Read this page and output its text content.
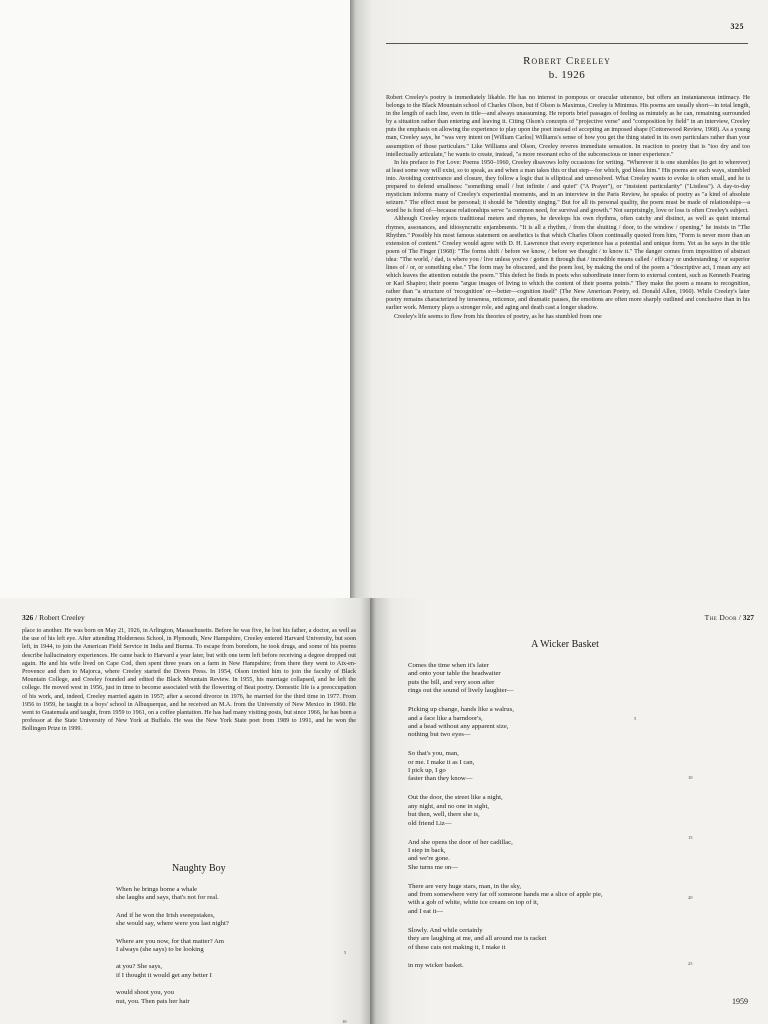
325
Robert Creeley
b. 1926

Robert Creeley's poetry is immediately likable. He has no interest in pompous or oracular utterance, but offers an instantaneous intimacy. He belongs to the Black Mountain school of Charles Olson, but if Olson is Maximus, Creeley is Minimus. His poems are usually short—in total length, in the length of each line, even in title—and always unassuming. He reports brief passages of feeling as minutely as he can, remaining surrounded by a situation rather than entering and leaving it. Citing Olson's concepts of "projective verse" and "composition by field" in an interview, Creeley puts the emphasis on allowing the experience to play upon the poet instead of accepting an imposed shape (Cottonwood Review, 1968). As a young man, Creeley says, he "was very intent on [William Carlos] Williams's sense of how you get the thing stated in its own particulars rather than your assumption of those particulars." Like Williams and Olson, Creeley reveres immediate sensation. In reaction to poetry that is "too dry and too intellectually articulate," he wants to create, instead, "a more resonant echo of the subconscious or inner experience."

In his preface to For Love: Poems 1950–1960, Creeley disavows lofty occasions for writing. "Wherever it is one stumbles (to get to wherever) at least some way will exist, so to speak, as and when a man takes this or that step—for which, god bless him." His poems are such ways, stumbled into. Avoiding contrivance and closure, they follow a logic that is elliptical and unresolved. What Creeley wants to evoke is often small, and he is prepared to defend smallness: "something small / but infinite / and quiet" ("A Prayer"), or "insistent particularity" ("Listless"). A day-to-day mysticism informs many of Creeley's experiential moments, and in an interview in the Paris Review, he speaks of poetry as "a kind of absolute seizure." The effect must be personal; it should be "identity singing." But for all its personal quality, the poem must be made of relationships—a word he is fond of—because relationships serve "a common need, for survival and growth." Not surprisingly, love or loss is often Creeley's subject.

Although Creeley rejects traditional meters and rhymes, he develops his own rhythms, often catchy and distinct, as well as quiet internal rhymes, assonances, and idiosyncratic enjambments. "It is all a rhythm, / from the shutting / door, to the window / opening," he insists in "The Rhythm." Possibly his most famous statement on aesthetics is that which Charles Olson continually quoted from him, "Form is never more than an extension of content." Creeley would agree with D. H. Lawrence that every experience has a potential and unique form. Yet as he says in the title poem of The Finger (1968): "The forms shift / before we know, / before we thought / to know it." The danger comes from imposition of abstract idea: "The world, / dad, is where you / live unless you've / gotten it through that / incredible means called / efficacy or understanding / or superior lines of / or, or something else." The form may be obscured, and the poem lost, by making the end of the poem a "descriptive act, I mean any act which leaves the attention outside the poem." This defect he finds in poets who subordinate inner form to external content, such as Kenneth Fearing or Karl Shapiro; their poems "argue images of living to which the content of their poems points." They make the poem a means to recognition, rather than "a structure of 'recognition' or—better—cognition itself" (The New American Poetry, ed. Donald Allen, 1960). While Creeley's later poetry remains characterized by terseness, reticence, and dramatic pauses, the emotions are often more sharply outlined and conclusive than in his earlier work. Memory plays a stronger role, and aging and death cast a longer shadow.

Creeley's life seems to flow from his theories of poetry, as he has stumbled from one

326 / Robert Creeley
place to another. He was born on May 21, 1926, in Arlington, Massachusetts. Before he was five, he lost his father, a doctor, as well as the use of his left eye. After attending Holderness School, in Plymouth, New Hampshire, Creeley entered Harvard University, but soon left, in 1944, to join the American Field Service in India and Burma. To escape from boredom, he took drugs, and some of his poems describe hallucinatory experiences. He came back to Harvard a year later, but with one term left before receiving a degree dropped out again. He and his wife lived on Cape Cod, then spent three years on a farm in New Hampshire; from there they went to Aix-en-Provence and then to Majorca, where Creeley started the Divers Press. In 1954, Olson invited him to join the faculty of Black Mountain College, and Creeley founded and edited the Black Mountain Review. In 1955, his marriage collapsed, and he left the college. He moved west in 1956, just in time to become associated with the flowering of Beat poetry. Domestic life is a preoccupation of his work, and, indeed, Creeley married again in 1957; after a second divorce in 1976, he married for the third time in 1977. From 1956 to 1959, he taught in a boys' school in Albuquerque, and he received an M.A. from the University of New Mexico in 1960. He went to Guatemala and taught, from 1959 to 1961, on a coffee plantation. He has had many visiting posts, but since 1966, he has been a professor at the State University of New York at Buffalo. He was the New York State poet from 1989 to 1991, and he won the Bollingen Prize in 1999.
Naughty Boy
When he brings home a whale
she laughs and says, that's not for real.
And if he won the Irish sweepstakes,
she would say, where were you last night?
Where are you now, for that matter? Am
I always (she says) to be looking
at you? She says,
if I thought it would get any better I
would shoot you, you
nut, you. Then pats her hair
5
10
The Door / 327
A Wicker Basket
Comes the time when it's later
and onto your table the headwaiter
puts the bill, and very soon after
rings out the sound of lively laughter—
Picking up change, hands like a walrus,
and a face like a barndoor's,
and a head without any apparent size,
nothing but two eyes—
So that's you, man,
or me. I make it as I can,
I pick up, I go
faster than they know—
Out the door, the street like a night,
any night, and no one in sight,
but then, well, there she is,
old friend Liz—
And she opens the door of her cadillac,
I step in back,
and we're gone.
She turns me on—
There are very huge stars, man, in the sky,
and from somewhere very far off someone hands me a slice of apple pie,
with a gob of white, white ice cream on top of it,
and I eat it—
Slowly. And while certainly
they are laughing at me, and all around me is racket
of these cats not making it, I make it
in my wicker basket.
5
10
15
20
25
1959
